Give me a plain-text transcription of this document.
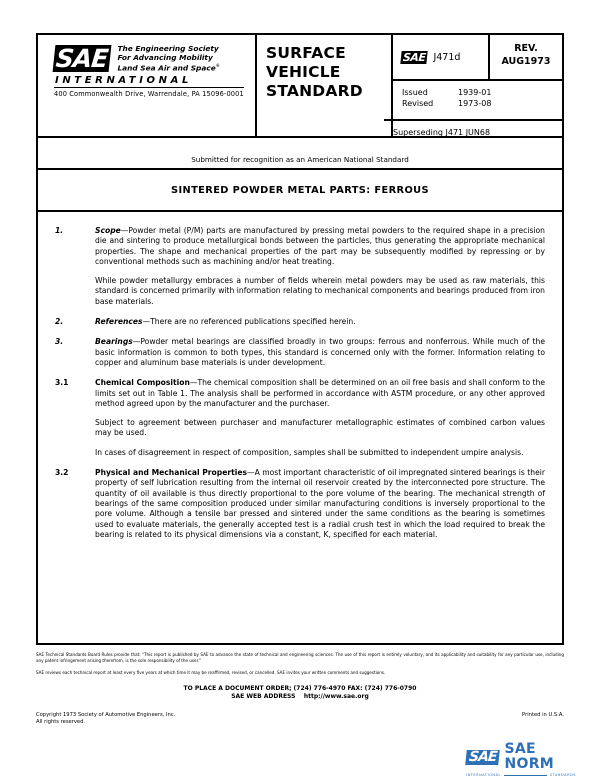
SAE	The Engineering Society
For Advancing Mobility
Land Sea Air and Space®
INTERNATIONAL
400 Commonwealth Drive, Warrendale, PA 15096-0001
SURFACE
VEHICLE
STANDARD
SAE J471d
REV.
AUG1973
Issued	1939-01
Revised	1973-08
Superseding J471 JUN68
Submitted for recognition as an American National Standard
SINTERED POWDER METAL PARTS: FERROUS
1.	Scope—Powder metal (P/M) parts are manufactured by pressing metal powders to the required shape in a precision die and sintering to produce metallurgical bonds between the particles, thus generating the appropriate mechanical properties. The shape and mechanical properties of the part may be subsequently modified by repressing or by conventional methods such as machining and/or heat treating.

While powder metallurgy embraces a number of fields wherein metal powders may be used as raw materials, this standard is concerned primarily with information relating to mechanical components and bearings produced from iron base materials.

2.	References—There are no referenced publications specified herein.

3.	Bearings—Powder metal bearings are classified broadly in two groups: ferrous and nonferrous. While much of the basic information is common to both types, this standard is concerned only with the former. Information relating to copper and aluminum base materials is under development.

3.1	Chemical Composition—The chemical composition shall be determined on an oil free basis and shall conform to the limits set out in Table 1. The analysis shall be performed in accordance with ASTM procedure, or any other approved method agreed upon by the manufacturer and the purchaser.

Subject to agreement between purchaser and manufacturer metallographic estimates of combined carbon values may be used.

In cases of disagreement in respect of composition, samples shall be submitted to independent umpire analysis.

3.2	Physical and Mechanical Properties—A most important characteristic of oil impregnated sintered bearings is their property of self lubrication resulting from the internal oil reservoir created by the interconnected pore structure. The quantity of oil available is thus directly proportional to the pore volume of the bearing. The mechanical strength of bearings of the same composition produced under similar manufacturing conditions is inversely proportional to the pore volume. Although a tensile bar pressed and sintered under the same conditions as the bearing is sometimes used to evaluate materials, the generally accepted test is a radial crush test in which the load required to break the bearing is related to its physical dimensions via a constant, K, specified for each material.

SAE Technical Standards Board Rules provide that: "This report is published by SAE to advance the state of technical and engineering sciences. The use of this report is entirely voluntary, and its applicability and suitability for any particular use, including any patent infringement arising therefrom, is the sole responsibility of the user."
SAE reviews each technical report at least every five years at which time it may be reaffirmed, revised, or cancelled. SAE invites your written comments and suggestions.
TO PLACE A DOCUMENT ORDER; (724) 776-4970 FAX: (724) 776-0790
SAE WEB ADDRESS http://www.sae.org
Copyright 1973 Society of Automotive Engineers, Inc.
All rights reserved.
Printed in U.S.A.
SAE SAE NORM
INTERNATIONAL	STANDARDS
